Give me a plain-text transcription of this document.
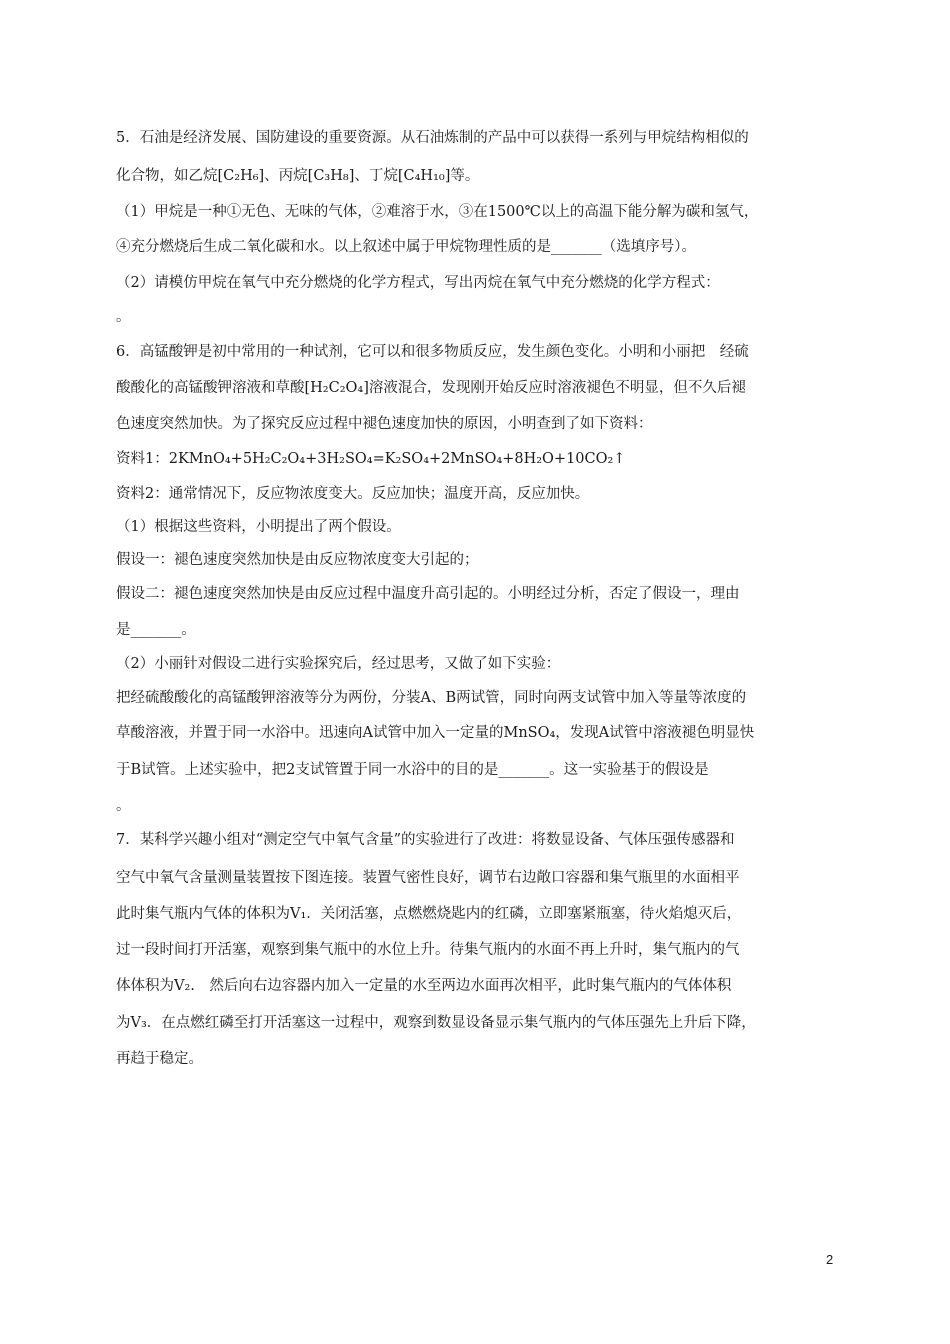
5．石油是经济发展、国防建设的重要资源。从石油炼制的产品中可以获得一系列与甲烷结构相似的
化合物，如乙烷[C₂H₆]、丙烷[C₃H₈]、丁烷[C₄H₁₀]等。
（1）甲烷是一种①无色、无味的气体，②难溶于水，③在1500℃以上的高温下能分解为碳和氢气，
④充分燃烧后生成二氧化碳和水。以上叙述中属于甲烷物理性质的是_______（选填序号）。
（2）请模仿甲烷在氧气中充分燃烧的化学方程式，写出丙烷在氧气中充分燃烧的化学方程式：
。
6．高锰酸钾是初中常用的一种试剂，它可以和很多物质反应，发生颜色变化。小明和小丽把　经硫
酸酸化的高锰酸钾溶液和草酸[H₂C₂O₄]溶液混合，发现刚开始反应时溶液褪色不明显，但不久后褪
色速度突然加快。为了探究反应过程中褪色速度加快的原因，小明查到了如下资料：
资料1：2KMnO₄+5H₂C₂O₄+3H₂SO₄=K₂SO₄+2MnSO₄+8H₂O+10CO₂↑
资料2：通常情况下，反应物浓度变大。反应加快；温度开高，反应加快。
（1）根据这些资料，小明提出了两个假设。
假设一：褪色速度突然加快是由反应物浓度变大引起的；
假设二：褪色速度突然加快是由反应过程中温度升高引起的。小明经过分析，否定了假设一，理由
是_______。
（2）小丽针对假设二进行实验探究后，经过思考，又做了如下实验：
把经硫酸酸化的高锰酸钾溶液等分为两份，分装A、B两试管，同时向两支试管中加入等量等浓度的
草酸溶液，并置于同一水浴中。迅速向A试管中加入一定量的MnSO₄，发现A试管中溶液褪色明显快
于B试管。上述实验中，把2支试管置于同一水浴中的目的是_______。这一实验基于的假设是
。
7．某科学兴趣小组对“测定空气中氧气含量”的实验进行了改进：将数显设备、气体压强传感器和
空气中氧气含量测量装置按下图连接。装置气密性良好，调节右边敞口容器和集气瓶里的水面相平
此时集气瓶内气体的体积为V₁．关闭活塞，点燃燃烧匙内的红磷，立即塞紧瓶塞，待火焰熄灭后，
过一段时间打开活塞，观察到集气瓶中的水位上升。待集气瓶内的水面不再上升时，集气瓶内的气
体体积为V₂.　然后向右边容器内加入一定量的水至两边水面再次相平，此时集气瓶内的气体体积
为V₃．在点燃红磷至打开活塞这一过程中，观察到数显设备显示集气瓶内的气体压强先上升后下降，
再趋于稳定。
2
